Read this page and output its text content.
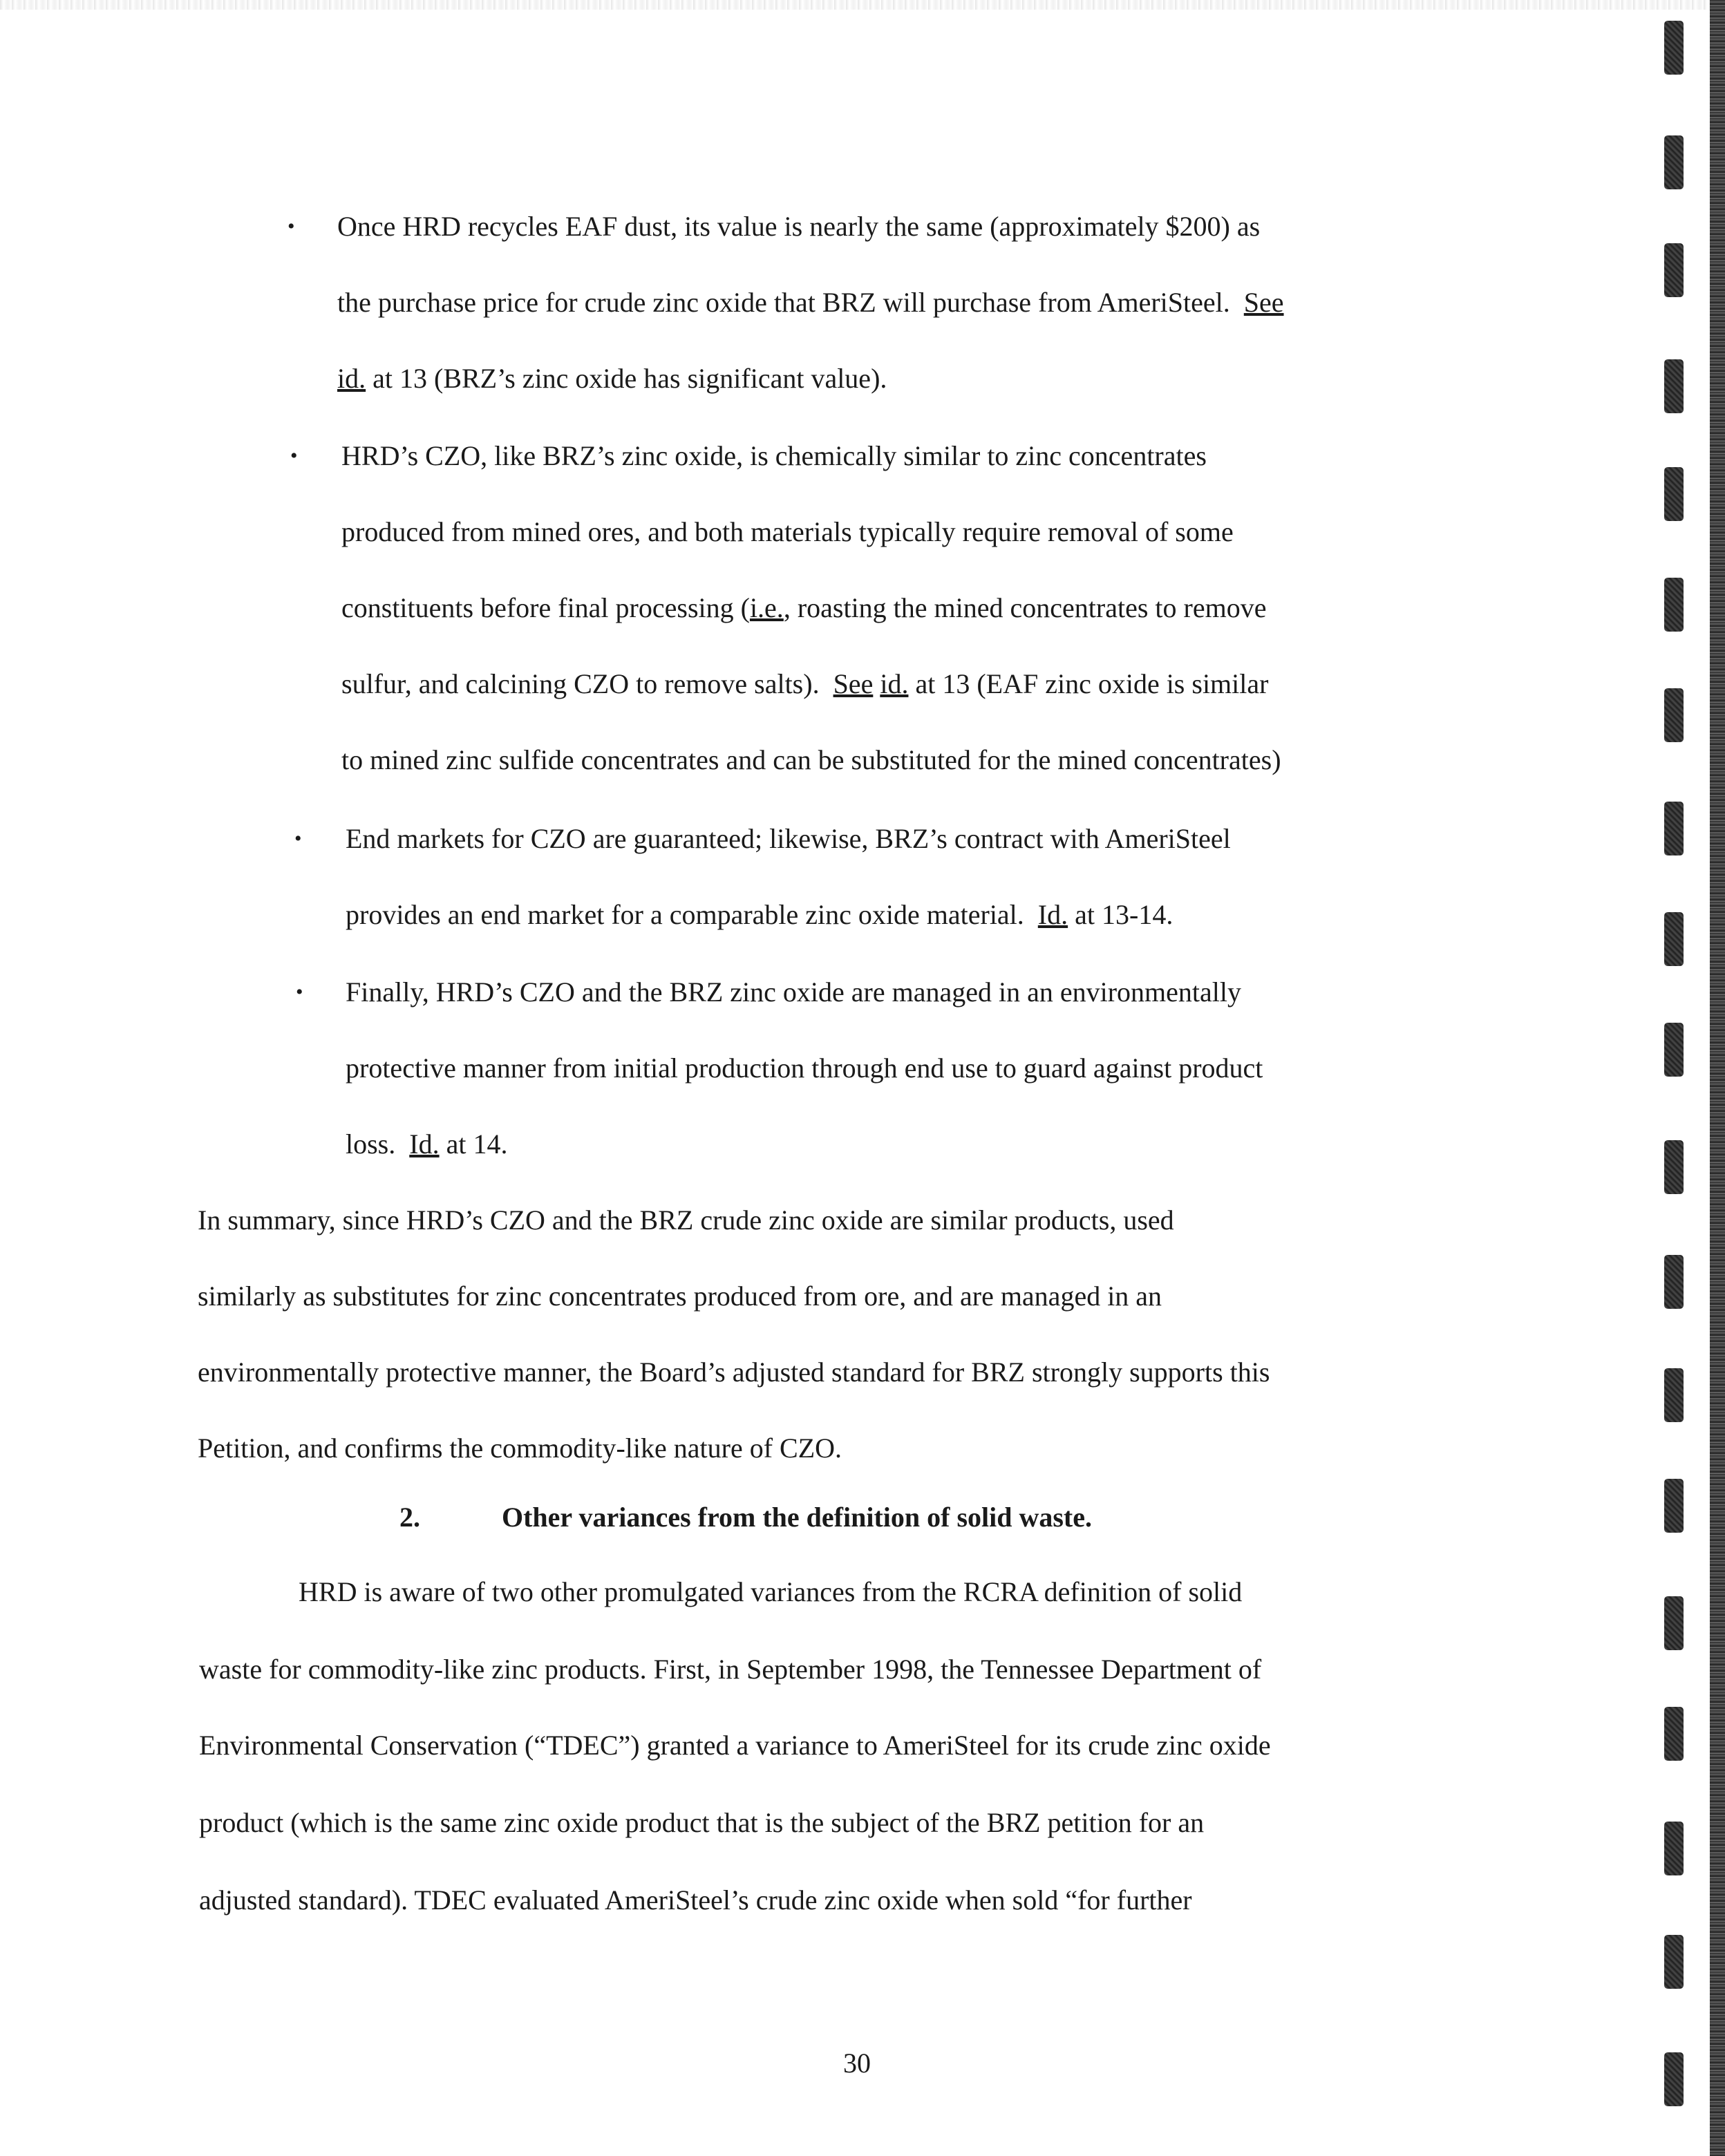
• Once HRD recycles EAF dust, its value is nearly the same (approximately $200) as
the purchase price for crude zinc oxide that BRZ will purchase from AmeriSteel. See
id. at 13 (BRZ’s zinc oxide has significant value).
• HRD’s CZO, like BRZ’s zinc oxide, is chemically similar to zinc concentrates
produced from mined ores, and both materials typically require removal of some
constituents before final processing (i.e., roasting the mined concentrates to remove
sulfur, and calcining CZO to remove salts). See id. at 13 (EAF zinc oxide is similar
to mined zinc sulfide concentrates and can be substituted for the mined concentrates)
• End markets for CZO are guaranteed; likewise, BRZ’s contract with AmeriSteel
provides an end market for a comparable zinc oxide material. Id. at 13-14.
• Finally, HRD’s CZO and the BRZ zinc oxide are managed in an environmentally
protective manner from initial production through end use to guard against product
loss. Id. at 14.
In summary, since HRD’s CZO and the BRZ crude zinc oxide are similar products, used
similarly as substitutes for zinc concentrates produced from ore, and are managed in an
environmentally protective manner, the Board’s adjusted standard for BRZ strongly supports this
Petition, and confirms the commodity-like nature of CZO.
2.	Other variances from the definition of solid waste.
HRD is aware of two other promulgated variances from the RCRA definition of solid
waste for commodity-like zinc products. First, in September 1998, the Tennessee Department of
Environmental Conservation (“TDEC”) granted a variance to AmeriSteel for its crude zinc oxide
product (which is the same zinc oxide product that is the subject of the BRZ petition for an
adjusted standard). TDEC evaluated AmeriSteel’s crude zinc oxide when sold “for further
30
